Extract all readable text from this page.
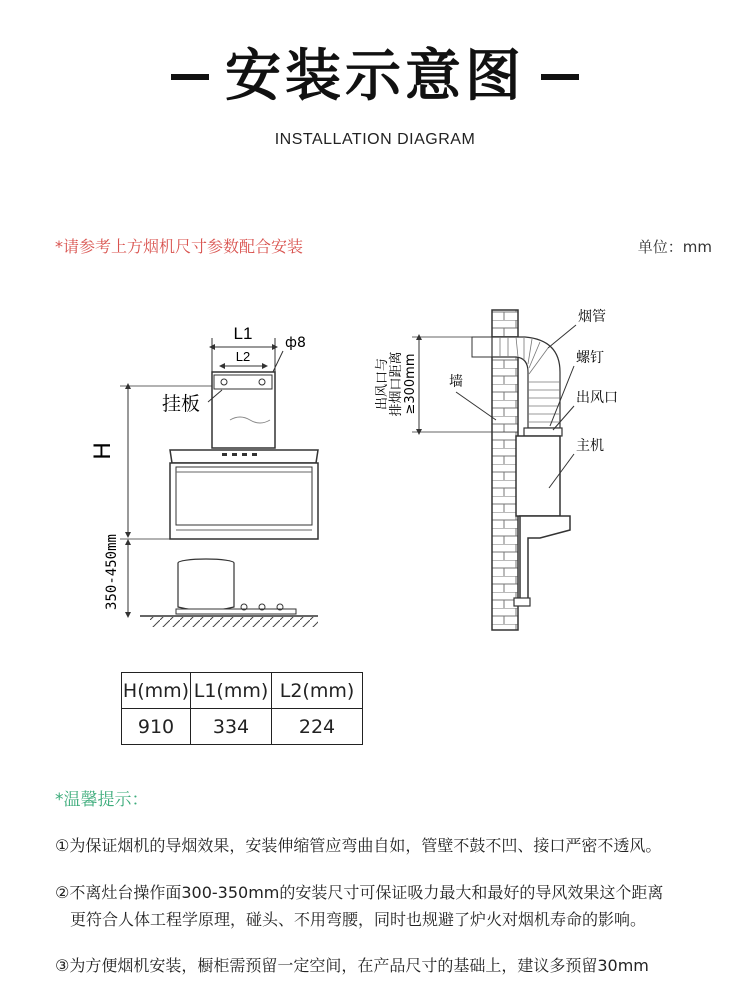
安装示意图
INSTALLATION DIAGRAM
*请参考上方烟机尺寸参数配合安装	单位：mm
L1
L2
ф8
挂板
H
350-450mm
墙
出风口与 排烟口距离 ≥300mm
烟管
螺钉
出风口
主机
H(mm)	L1(mm)	L2(mm)
910	334	224
*温馨提示：
①为保证烟机的导烟效果，安装伸缩管应弯曲自如，管壁不鼓不凹、接口严密不透风。
②不离灶台操作面300-350mm的安装尺寸可保证吸力最大和最好的导风效果这个距离
更符合人体工程学原理，碰头、不用弯腰，同时也规避了炉火对烟机寿命的影响。
③为方便烟机安装，橱柜需预留一定空间，在产品尺寸的基础上，建议多预留30mm
